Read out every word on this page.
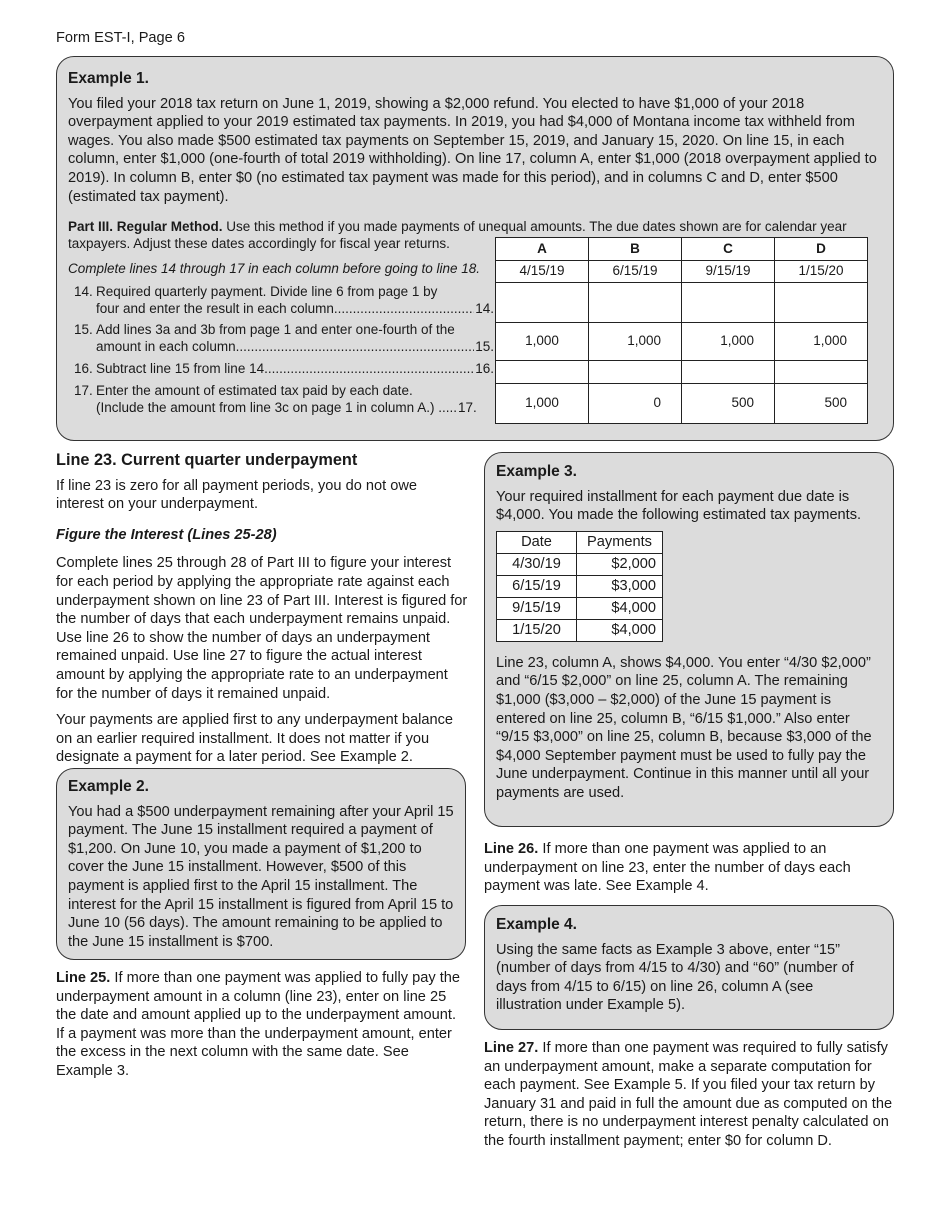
Form EST-I, Page 6
Example 1.

You filed your 2018 tax return on June 1, 2019, showing a $2,000 refund. You elected to have $1,000 of your 2018 overpayment applied to your 2019 estimated tax payments. In 2019, you had $4,000 of Montana income tax withheld from wages. You also made $500 estimated tax payments on September 15, 2019, and January 15, 2020. On line 15, in each column, enter $1,000 (one-fourth of total 2019 withholding). On line 17, column A, enter $1,000 (2018 overpayment applied to 2019). In column B, enter $0 (no estimated tax payment was made for this period), and in columns C and D, enter $500 (estimated tax payment).

Part III. Regular Method. Use this method if you made payments of unequal amounts. The due dates shown are for calendar year taxpayers. Adjust these dates accordingly for fiscal year returns.
Complete lines 14 through 17 in each column before going to line 18.
14. Required quarterly payment. Divide line 6 from page 1 by
four and enter the result in each column .....	14.
15. Add lines 3a and 3b from page 1 and enter one-fourth of the
amount in each column .....	15.
16. Subtract line 15 from line 14 .....	16.
17. Enter the amount of estimated tax paid by each date.
(Include the amount from line 3c on page 1 in column A.) ..... 17.
A	B	C	D
4/15/19	6/15/19	9/15/19	1/15/20

1,000	1,000	1,000	1,000

1,000	0	500	500
Line 23. Current quarter underpayment

If line 23 is zero for all payment periods, you do not owe interest on your underpayment.

Figure the Interest (Lines 25-28)

Complete lines 25 through 28 of Part III to figure your interest for each period by applying the appropriate rate against each underpayment shown on line 23 of Part III. Interest is figured for the number of days that each underpayment remains unpaid. Use line 26 to show the number of days an underpayment remained unpaid. Use line 27 to figure the actual interest amount by applying the appropriate rate to an underpayment for the number of days it remained unpaid.

Your payments are applied first to any underpayment balance on an earlier required installment. It does not matter if you designate a payment for a later period. See Example 2.

Example 2.

You had a $500 underpayment remaining after your April 15 payment. The June 15 installment required a payment of $1,200. On June 10, you made a payment of $1,200 to cover the June 15 installment. However, $500 of this payment is applied first to the April 15 installment. The interest for the April 15 installment is figured from April 15 to June 10 (56 days). The amount remaining to be applied to the June 15 installment is $700.

Line 25. If more than one payment was applied to fully pay the underpayment amount in a column (line 23), enter on line 25 the date and amount applied up to the underpayment amount. If a payment was more than the underpayment amount, enter the excess in the next column with the same date. See Example 3.
Example 3.

Your required installment for each payment due date is $4,000. You made the following estimated tax payments.

Date	Payments
4/30/19	$2,000
6/15/19	$3,000
9/15/19	$4,000
1/15/20	$4,000

Line 23, column A, shows $4,000. You enter “4/30 $2,000” and “6/15 $2,000” on line 25, column A. The remaining $1,000 ($3,000 – $2,000) of the June 15 payment is entered on line 25, column B, “6/15 $1,000.” Also enter “9/15 $3,000” on line 25, column B, because $3,000 of the $4,000 September payment must be used to fully pay the June underpayment. Continue in this manner until all your payments are used.

Line 26. If more than one payment was applied to an underpayment on line 23, enter the number of days each payment was late. See Example 4.
Example 4.

Using the same facts as Example 3 above, enter “15” (number of days from 4/15 to 4/30) and “60” (number of days from 4/15 to 6/15) on line 26, column A (see illustration under Example 5).

Line 27. If more than one payment was required to fully satisfy an underpayment amount, make a separate computation for each payment. See Example 5. If you filed your tax return by January 31 and paid in full the amount due as computed on the return, there is no underpayment interest penalty calculated on the fourth installment payment; enter $0 for column D.
